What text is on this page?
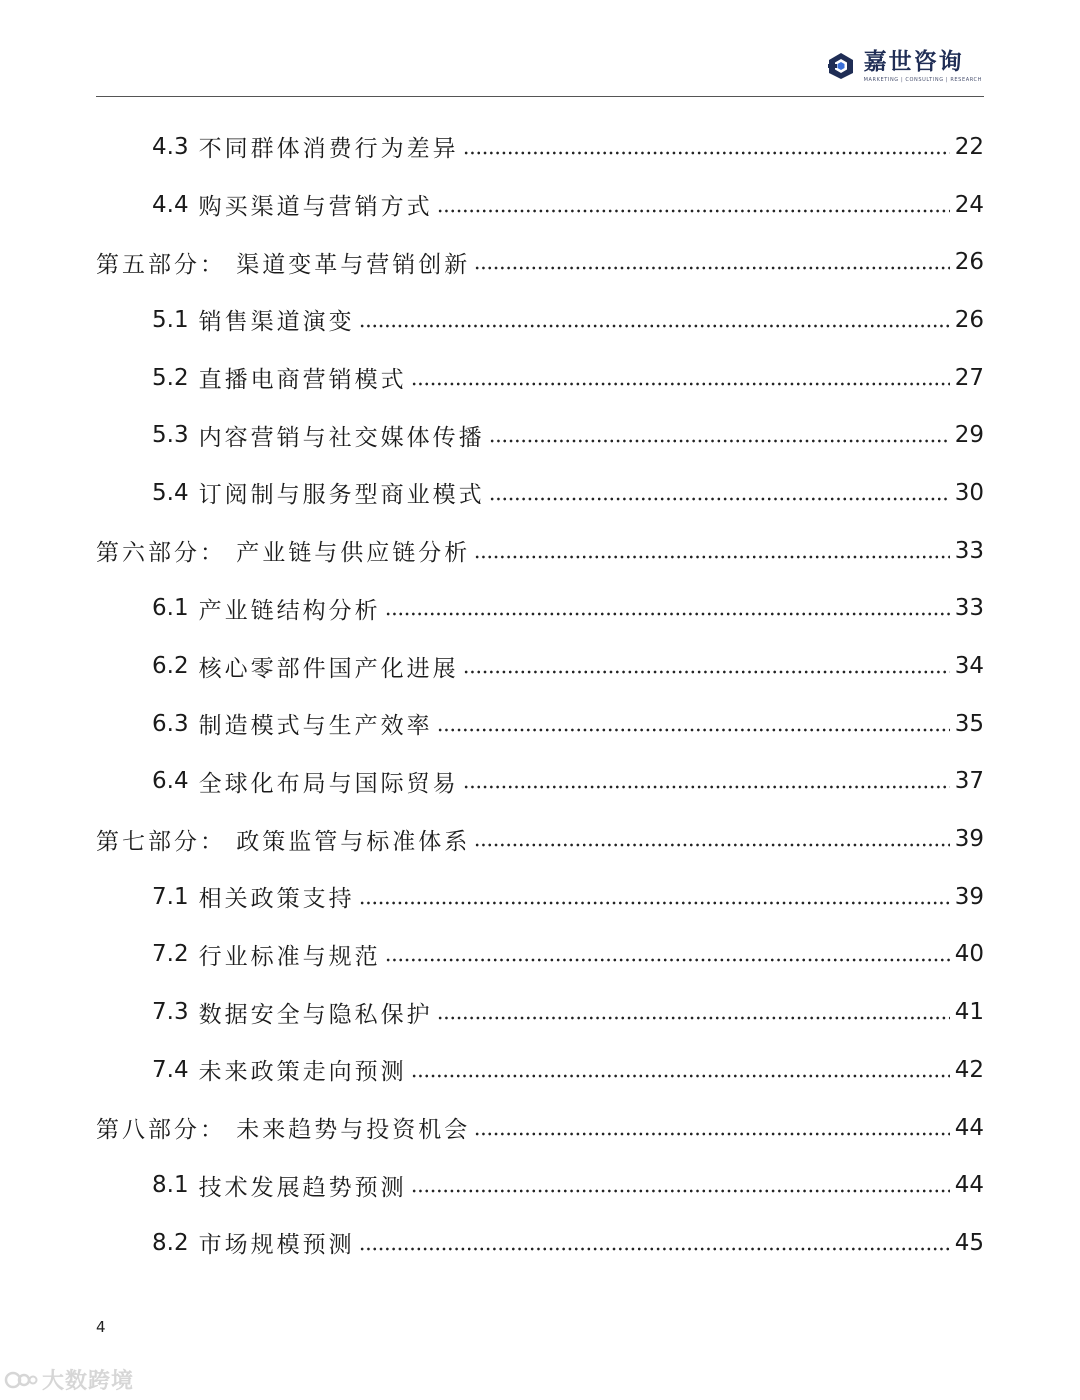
嘉世咨询
MARKETING | CONSULTING | RESEARCH
4.3 不同群体消费行为差异	22
4.4 购买渠道与营销方式	24
第五部分： 渠道变革与营销创新	26
5.1 销售渠道演变	26
5.2 直播电商营销模式	27
5.3 内容营销与社交媒体传播	29
5.4 订阅制与服务型商业模式	30
第六部分： 产业链与供应链分析	33
6.1 产业链结构分析	33
6.2 核心零部件国产化进展	34
6.3 制造模式与生产效率	35
6.4 全球化布局与国际贸易	37
第七部分： 政策监管与标准体系	39
7.1 相关政策支持	39
7.2 行业标准与规范	40
7.3 数据安全与隐私保护	41
7.4 未来政策走向预测	42
第八部分： 未来趋势与投资机会	44
8.1 技术发展趋势预测	44
8.2 市场规模预测	45
4
大数跨境
